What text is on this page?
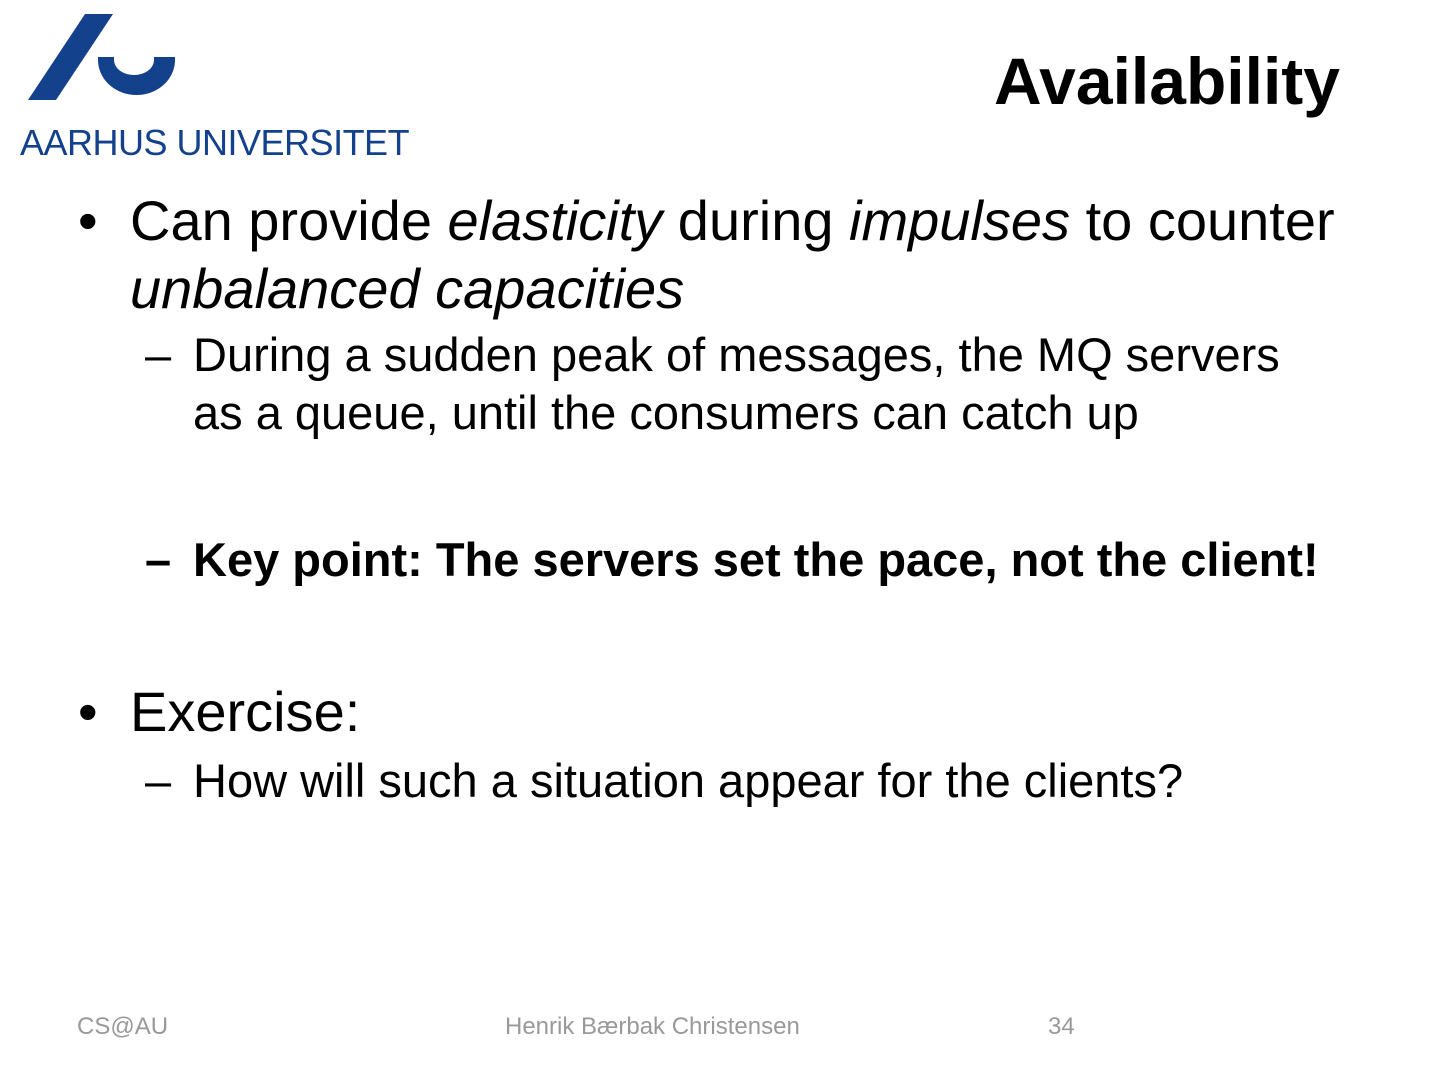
AARHUS UNIVERSITET
Availability
• Can provide elasticity during impulses to counter
unbalanced capacities
– During a sudden peak of messages, the MQ servers
as a queue, until the consumers can catch up
– Key point: The servers set the pace, not the client!
• Exercise:
– How will such a situation appear for the clients?
CS@AU	Henrik Bærbak Christensen	34
